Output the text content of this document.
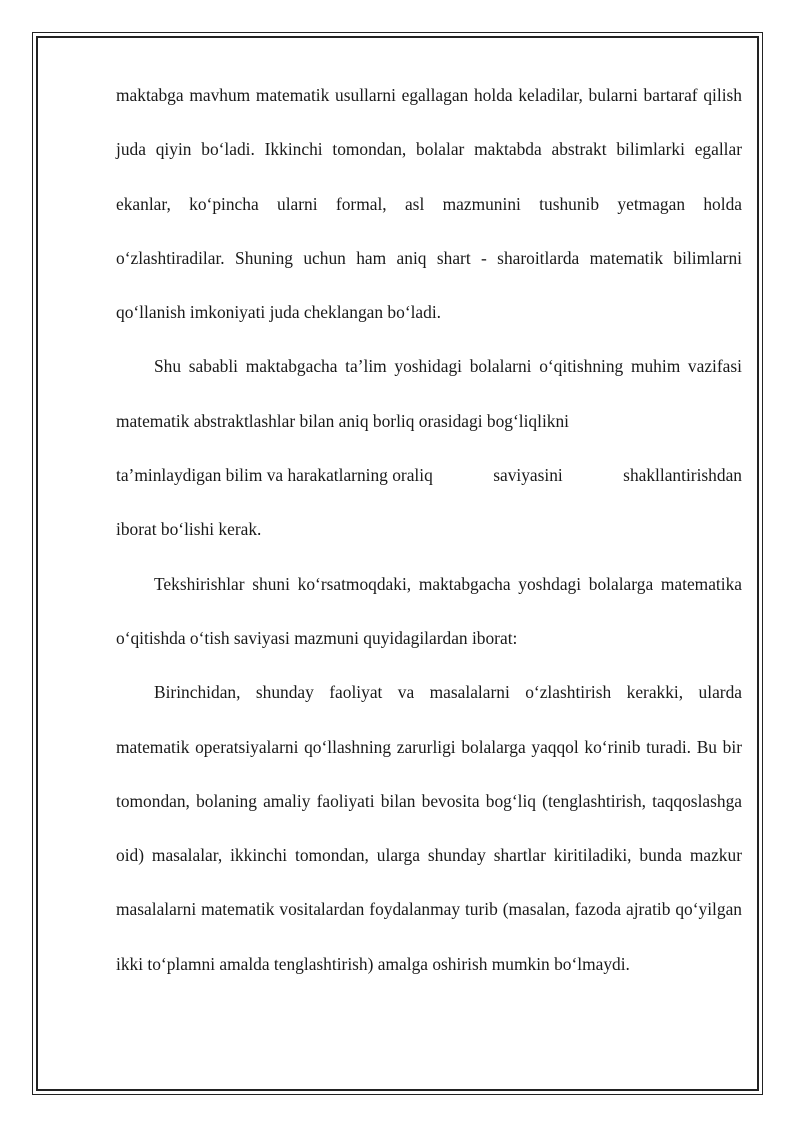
maktabga mavhum matematik usullarni egallagan holda keladilar, bularni bartaraf qilish juda qiyin bo‘ladi. Ikkinchi tomondan, bolalar maktabda abstrakt bilimlarki egallar ekanlar, ko‘pincha ularni formal, asl mazmunini tushunib yetmagan holda o‘zlashtiradilar. Shuning uchun ham aniq shart - sharoitlarda matematik bilimlarni qo‘llanish imkoniyati juda cheklangan bo‘ladi.

Shu sababli maktabgacha ta’lim yoshidagi bolalarni o‘qitishning muhim vazifasi matematik abstraktlashlar bilan aniq borliq orasidagi bog‘liqlikni

ta’minlaydigan bilim va harakatlarning oraliq	saviyasini	shakllantirishdan

iborat bo‘lishi kerak.

Tekshirishlar shuni ko‘rsatmoqdaki, maktabgacha yoshdagi bolalarga matematika o‘qitishda o‘tish saviyasi mazmuni quyidagilardan iborat:

Birinchidan, shunday faoliyat va masalalarni o‘zlashtirish kerakki, ularda matematik operatsiyalarni qo‘llashning zarurligi bolalarga yaqqol ko‘rinib turadi. Bu bir tomondan, bolaning amaliy faoliyati bilan bevosita bog‘liq (tenglashtirish, taqqoslashga oid) masalalar, ikkinchi tomondan, ularga shunday shartlar kiritiladiki, bunda mazkur masalalarni matematik vositalardan foydalanmay turib (masalan, fazoda ajratib qo‘yilgan ikki to‘plamni amalda tenglashtirish) amalga oshirish mumkin bo‘lmaydi.
